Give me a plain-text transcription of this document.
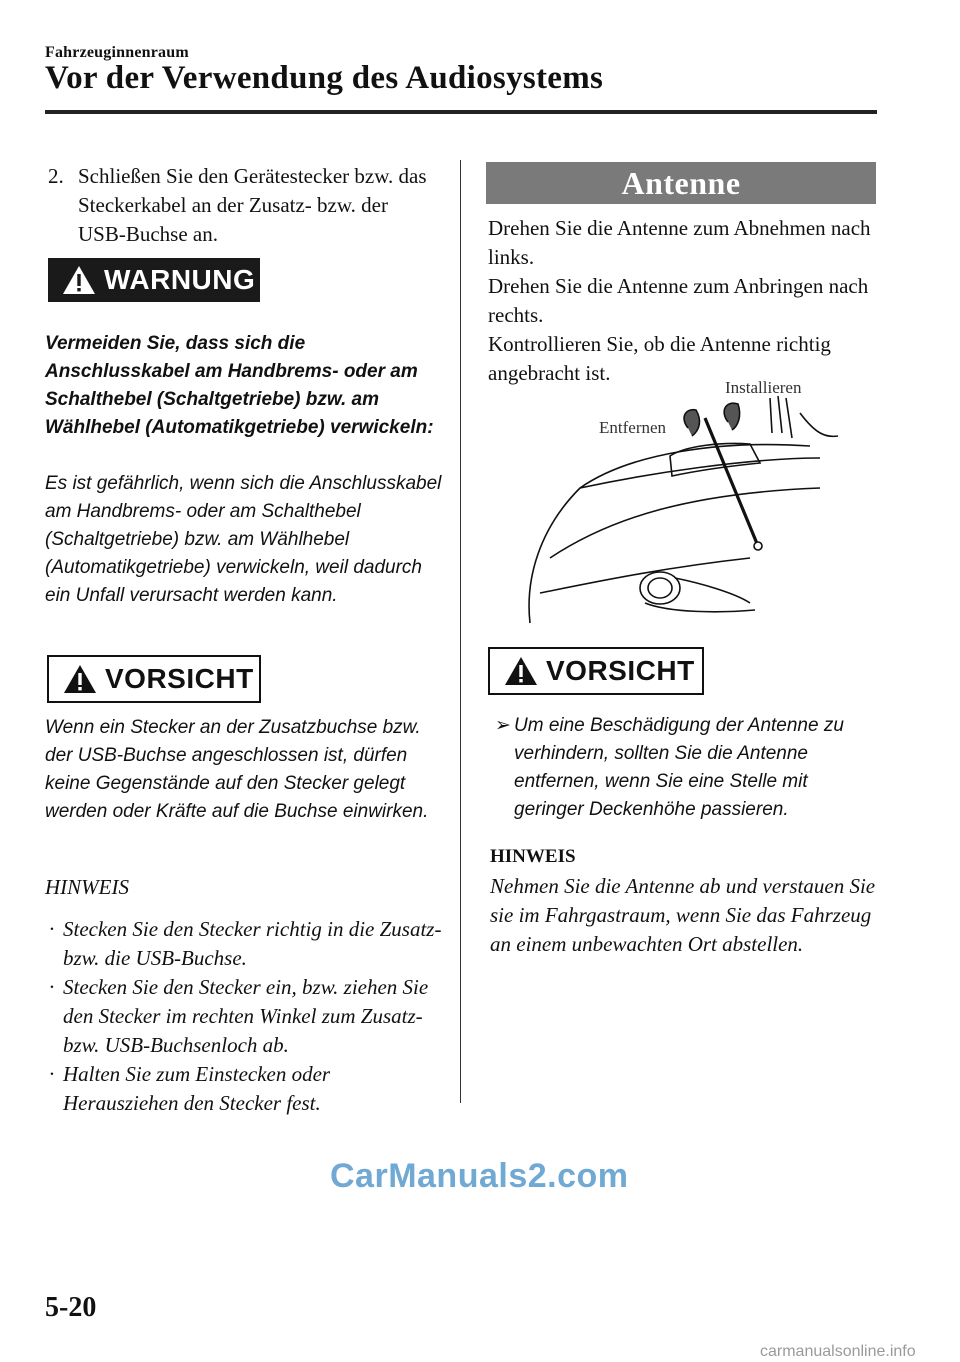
Fahrzeuginnenraum
Vor der Verwendung des Audiosystems
2. Schließen Sie den Gerätestecker bzw. das Steckerkabel an der Zusatz- bzw. der USB-Buchse an.
WARNUNG
Vermeiden Sie, dass sich die Anschlusskabel am Handbrems- oder am Schalthebel (Schaltgetriebe) bzw. am Wählhebel (Automatikgetriebe) verwickeln:
Es ist gefährlich, wenn sich die Anschlusskabel am Handbrems- oder am Schalthebel (Schaltgetriebe) bzw. am Wählhebel (Automatikgetriebe) verwickeln, weil dadurch ein Unfall verursacht werden kann.
VORSICHT
Wenn ein Stecker an der Zusatzbuchse bzw. der USB-Buchse angeschlossen ist, dürfen keine Gegenstände auf den Stecker gelegt werden oder Kräfte auf die Buchse einwirken.
HINWEIS
· Stecken Sie den Stecker richtig in die Zusatz- bzw. die USB-Buchse.
· Stecken Sie den Stecker ein, bzw. ziehen Sie den Stecker im rechten Winkel zum Zusatz- bzw. USB-Buchsenloch ab.
· Halten Sie zum Einstecken oder Herausziehen den Stecker fest.
Antenne
Drehen Sie die Antenne zum Abnehmen nach links.
Drehen Sie die Antenne zum Anbringen nach rechts.
Kontrollieren Sie, ob die Antenne richtig angebracht ist.
Installieren
Entfernen
VORSICHT
➢ Um eine Beschädigung der Antenne zu verhindern, sollten Sie die Antenne entfernen, wenn Sie eine Stelle mit geringer Deckenhöhe passieren.
HINWEIS
Nehmen Sie die Antenne ab und verstauen Sie sie im Fahrgastraum, wenn Sie das Fahrzeug an einem unbewachten Ort abstellen.
CarManuals2.com
5-20
carmanualsonline.info
